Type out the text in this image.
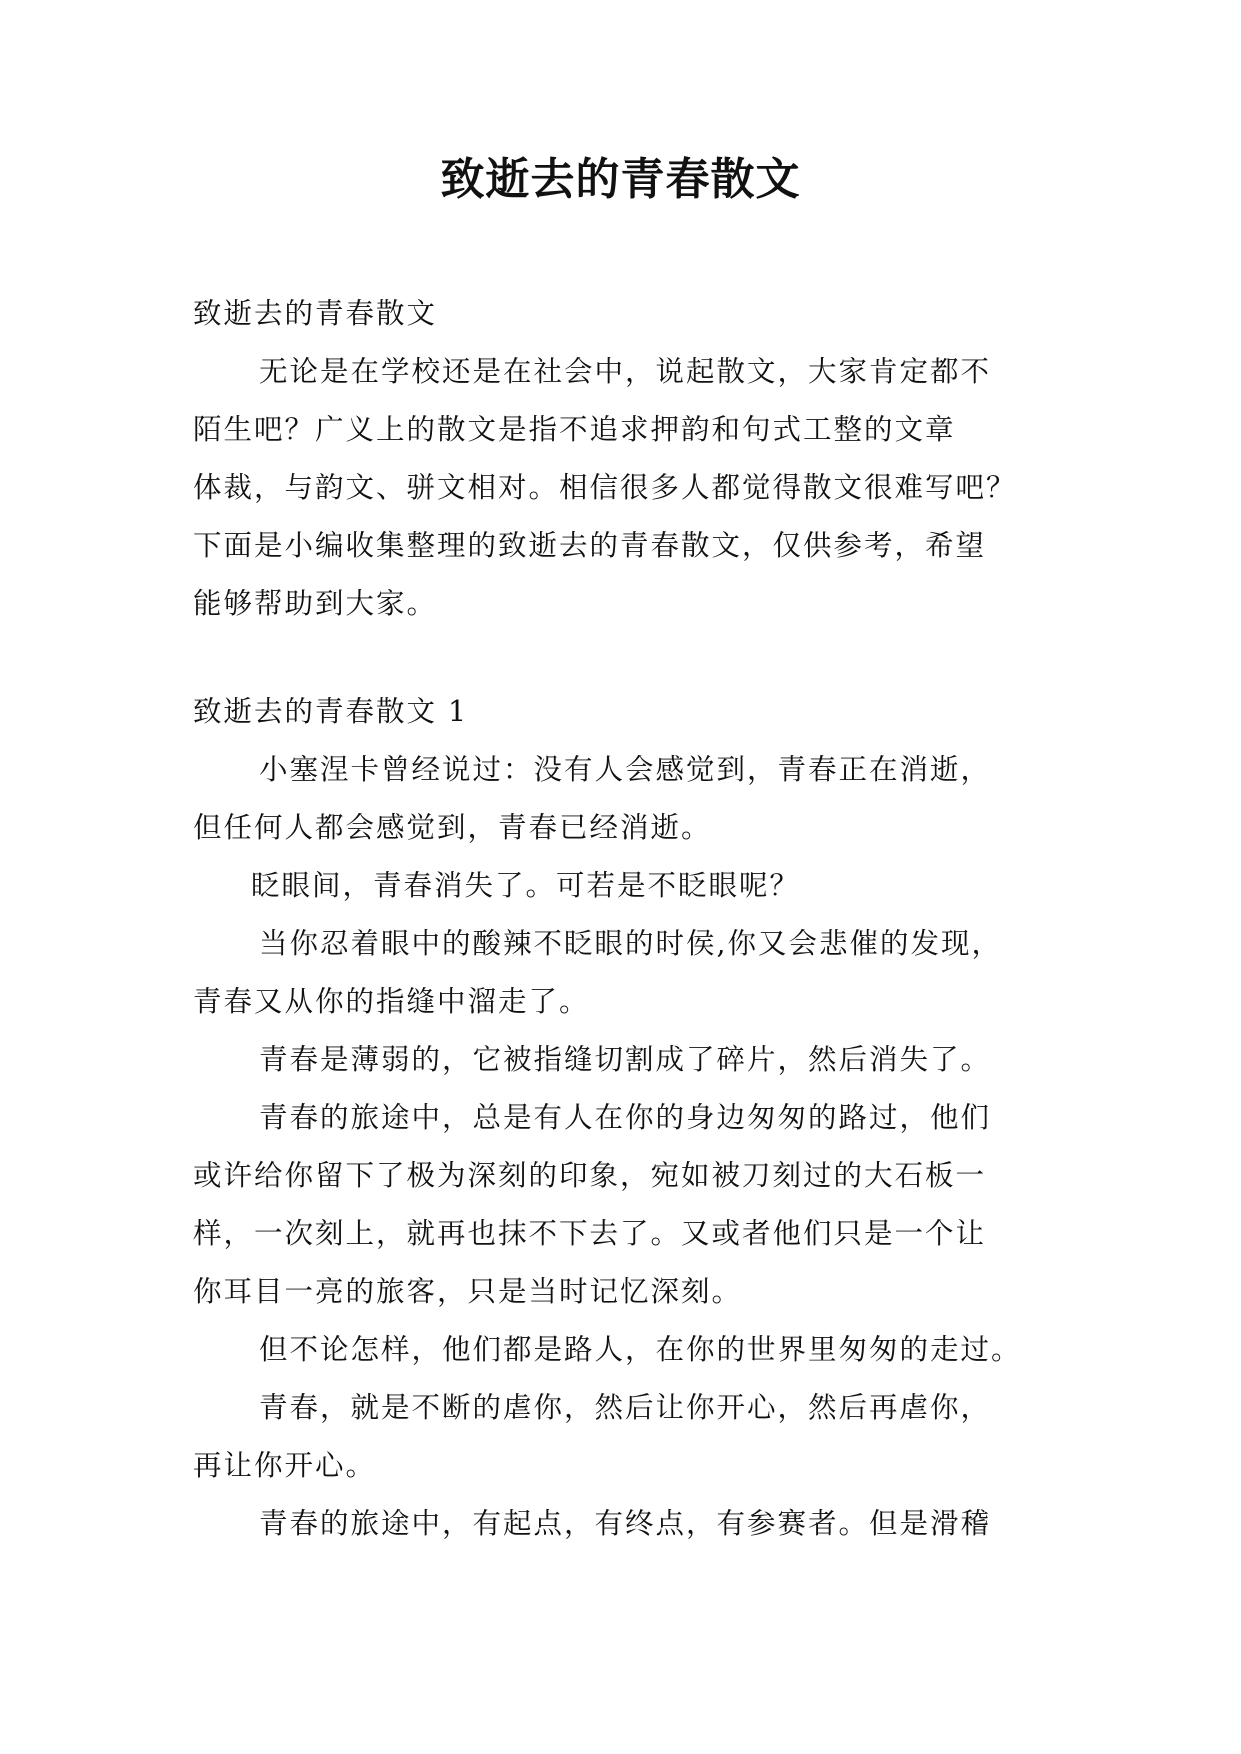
致逝去的青春散文
致逝去的青春散文
无论是在学校还是在社会中，说起散文，大家肯定都不
陌生吧？广义上的散文是指不追求押韵和句式工整的文章
体裁，与韵文、骈文相对。相信很多人都觉得散文很难写吧？
下面是小编收集整理的致逝去的青春散文，仅供参考，希望
能够帮助到大家。
致逝去的青春散文 1
小塞涅卡曾经说过：没有人会感觉到，青春正在消逝，
但任何人都会感觉到，青春已经消逝。
眨眼间，青春消失了。可若是不眨眼呢？
当你忍着眼中的酸辣不眨眼的时侯,你又会悲催的发现，
青春又从你的指缝中溜走了。
青春是薄弱的，它被指缝切割成了碎片，然后消失了。
青春的旅途中，总是有人在你的身边匆匆的路过，他们
或许给你留下了极为深刻的印象，宛如被刀刻过的大石板一
样，一次刻上，就再也抹不下去了。又或者他们只是一个让
你耳目一亮的旅客，只是当时记忆深刻。
但不论怎样，他们都是路人，在你的世界里匆匆的走过。
青春，就是不断的虐你，然后让你开心，然后再虐你，
再让你开心。
青春的旅途中，有起点，有终点，有参赛者。但是滑稽
